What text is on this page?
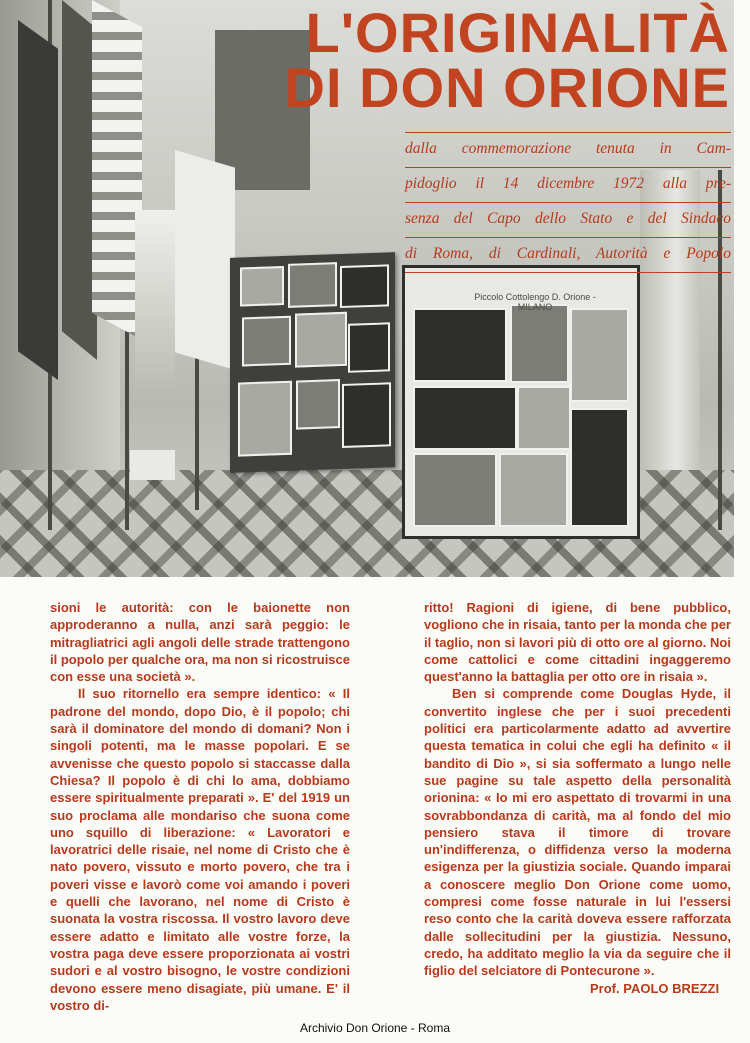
Piccolo Cottolengo D. Orione - MILANO
L'ORIGINALITÀ
DI DON ORIONE
dalla commemorazione tenuta in Cam-
pidoglio il 14 dicembre 1972 alla pre-
senza del Capo dello Stato e del Sindaco
di Roma, di Cardinali, Autorità e Popolo

sioni le autorità: con le baionette non approderanno a nulla, anzi sarà peggio: le mitragliatrici agli angoli delle strade trattengono il popolo per qualche ora, ma non si ricostruisce con esse una società ».

Il suo ritornello era sempre identico: « Il padrone del mondo, dopo Dio, è il popolo; chi sarà il dominatore del mondo di domani? Non i singoli potenti, ma le masse popolari. E se avvenisse che questo popolo si staccasse dalla Chiesa? Il popolo è di chi lo ama, dobbiamo essere spiritualmente preparati ». E' del 1919 un suo proclama alle mondariso che suona come uno squillo di liberazione: « Lavoratori e lavoratrici delle risaie, nel nome di Cristo che è nato povero, vissuto e morto povero, che tra i poveri visse e lavorò come voi amando i poveri e quelli che lavorano, nel nome di Cristo è suonata la vostra riscossa. Il vostro lavoro deve essere adatto e limitato alle vostre forze, la vostra paga deve essere proporzionata ai vostri sudori e al vostro bisogno, le vostre condizioni devono essere meno disagiate, più umane. E' il vostro di-

ritto! Ragioni di igiene, di bene pubblico, vogliono che in risaia, tanto per la monda che per il taglio, non si lavori più di otto ore al giorno. Noi come cattolici e come cittadini ingaggeremo quest'anno la battaglia per otto ore in risaia ».

Ben si comprende come Douglas Hyde, il convertito inglese che per i suoi precedenti politici era particolarmente adatto ad avvertire questa tematica in colui che egli ha definito « il bandito di Dio », si sia soffermato a lungo nelle sue pagine su tale aspetto della personalità orionina: « Io mi ero aspettato di trovarmi in una sovrabbondanza di carità, ma al fondo del mio pensiero stava il timore di trovare un'indifferenza, o diffidenza verso la moderna esigenza per la giustizia sociale. Quando imparai a conoscere meglio Don Orione come uomo, compresi come fosse naturale in lui l'essersi reso conto che la carità doveva essere rafforzata dalle sollecitudini per la giustizia. Nessuno, credo, ha additato meglio la via da seguire che il figlio del selciatore di Pontecurone ».

Prof. PAOLO BREZZI
Archivio Don Orione - Roma
